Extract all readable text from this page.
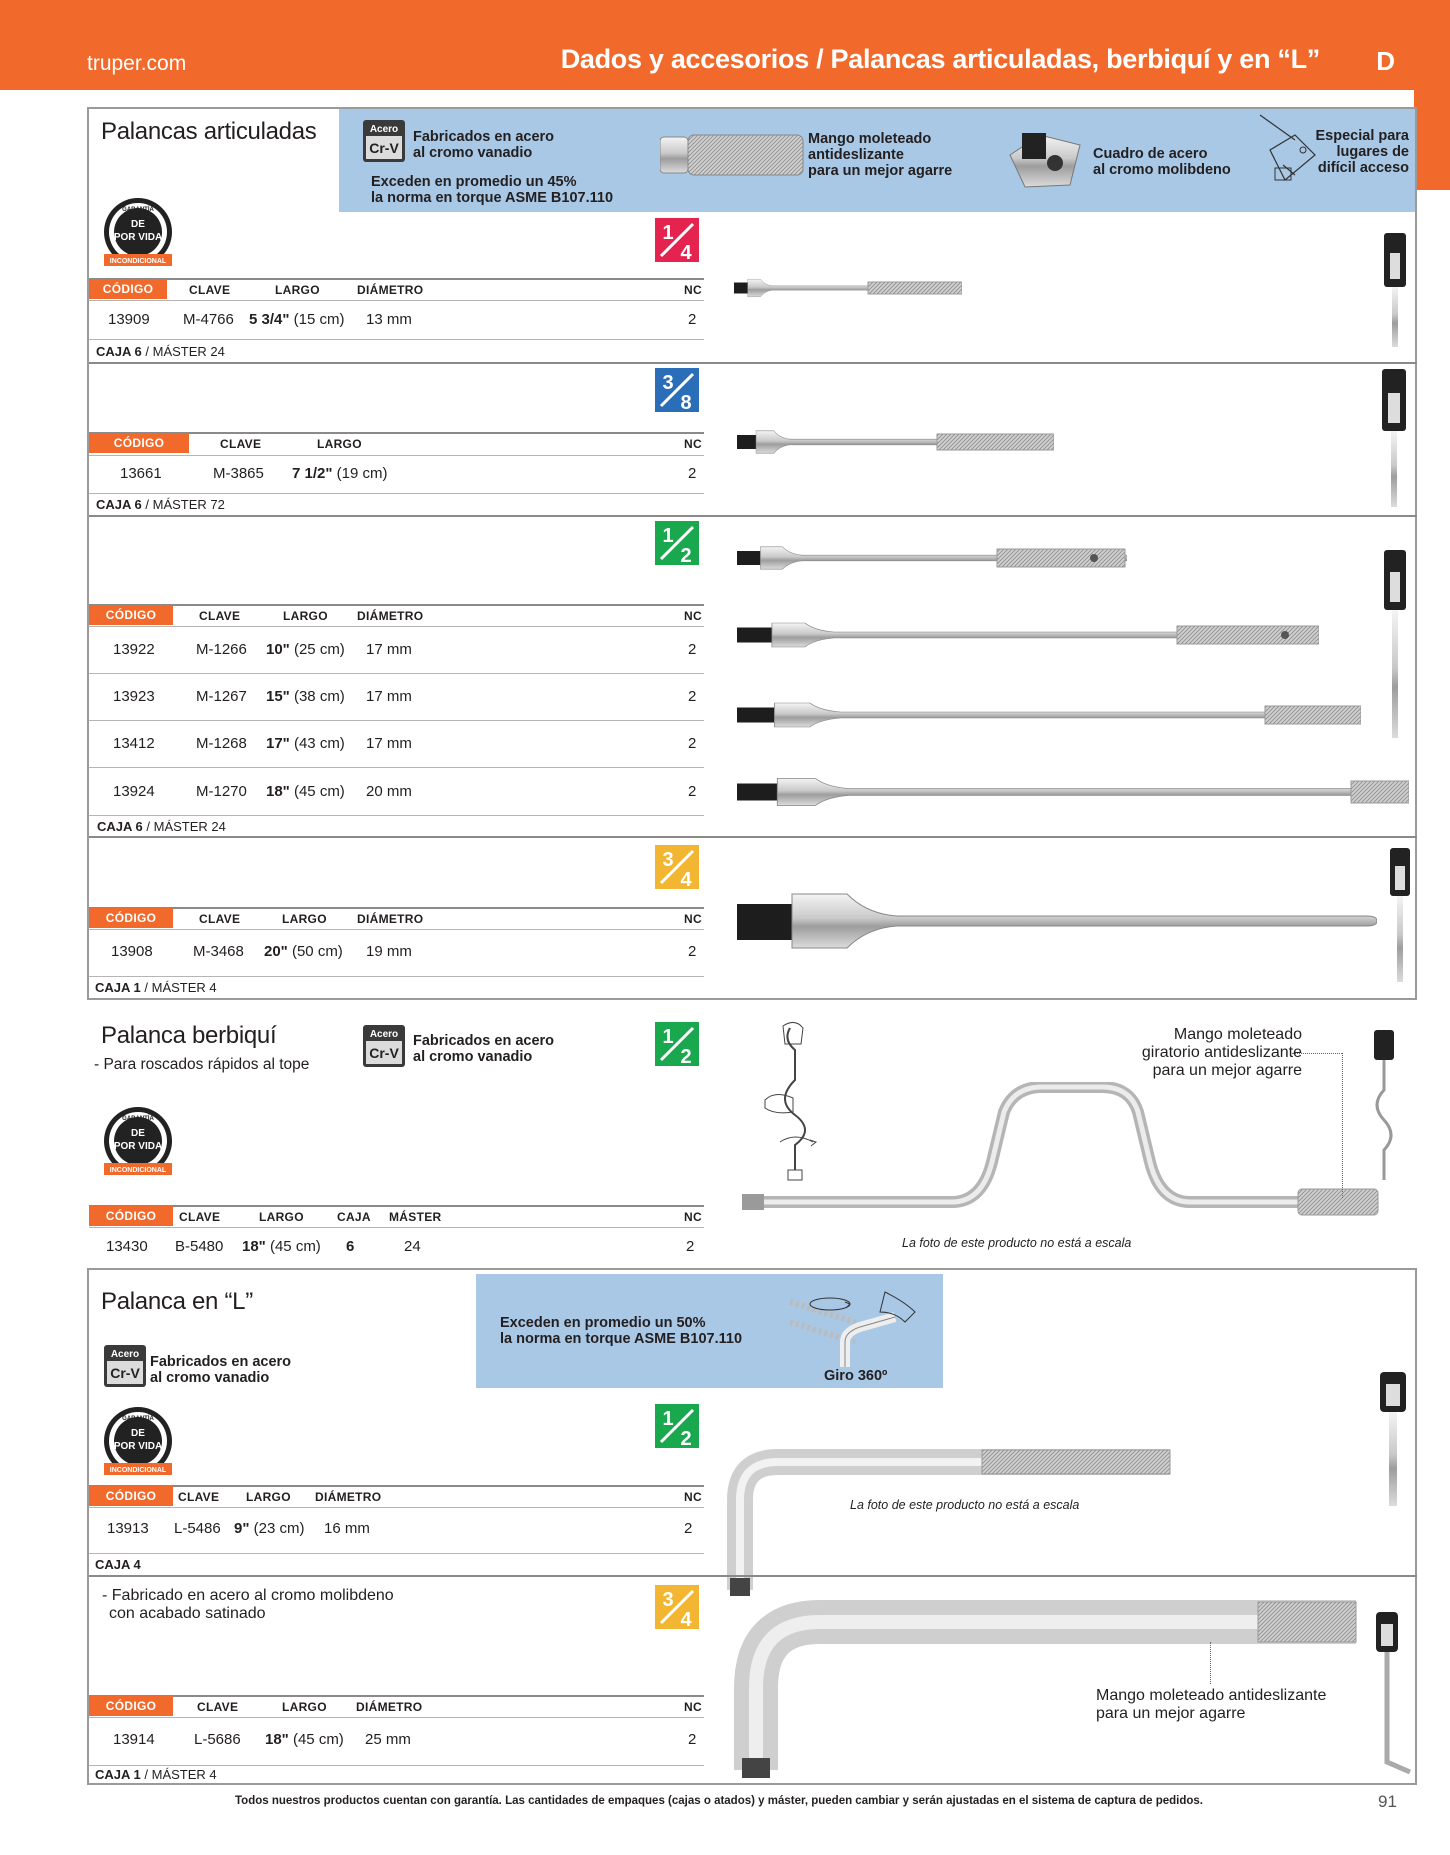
truper.com	Dados y accesorios / Palancas articuladas, berbiquí y en “L” D
Palancas articuladas	Acero
Cr-V
Fabricados en acero
al cromo vanadio
Exceden en promedio un 45%
la norma en torque ASME B107.110
Mango moleteado
antideslizante
para un mejor agarre
Cuadro de acero
al cromo molibdeno
Especial para
lugares de
difícil acceso
GARANTÍA
DE
POR VIDA
INCONDICIONAL
1
4
CÓDIGO	CLAVE	LARGO	DIÁMETRO	NC
13909 M-4766 5 3/4" (15 cm) 13 mm	2
CAJA 6 / MÁSTER 24
3
8
CÓDIGO	CLAVE	LARGO	NC
13661	M-3865 7 1/2" (19 cm)	2
CAJA 6 / MÁSTER 72
1
2
CÓDIGO	CLAVE	LARGO DIÁMETRO	NC
13922	M-1266 10" (25 cm) 17 mm	2
13923	M-1267 15" (38 cm) 17 mm	2
13412	M-1268 17" (43 cm) 17 mm	2
13924	M-1270 18" (45 cm) 20 mm	2
CAJA 6 / MÁSTER 24
3
4
CÓDIGO	CLAVE	LARGO	DIÁMETRO	NC
13908	M-3468 20" (50 cm) 19 mm	2
CAJA 1 / MÁSTER 4
Palanca berbiquí
- Para roscados rápidos al tope
Acero
Cr-V
Fabricados en acero
al cromo vanadio
1
2
GARANTÍA
DE
POR VIDA
INCONDICIONAL
CÓDIGO	CLAVE	LARGO	CAJA MÁSTER	NC
13430 B-5480 18" (45 cm) 6	24	2
Mango moleteado
giratorio antideslizante
para un mejor agarre
La foto de este producto no está a escala
Palanca en “L”
Acero
Cr-V
Fabricados en acero
al cromo vanadio
Exceden en promedio un 50%
la norma en torque ASME B107.110
Giro 360º
GARANTÍA
DE
POR VIDA
INCONDICIONAL
1
2
CÓDIGO	CLAVE LARGO DIÁMETRO	NC
13913 L-5486 9" (23 cm) 16 mm	2
CAJA 4
La foto de este producto no está a escala
- Fabricado en acero al cromo molibdeno
con acabado satinado
3
4
CÓDIGO	CLAVE	LARGO DIÁMETRO	NC
13914	L-5686 18" (45 cm) 25 mm	2
CAJA 1 / MÁSTER 4
Mango moleteado antideslizante
para un mejor agarre
Todos nuestros productos cuentan con garantía. Las cantidades de empaques (cajas o atados) y máster, pueden cambiar y serán ajustadas en el sistema de captura de pedidos.	91
